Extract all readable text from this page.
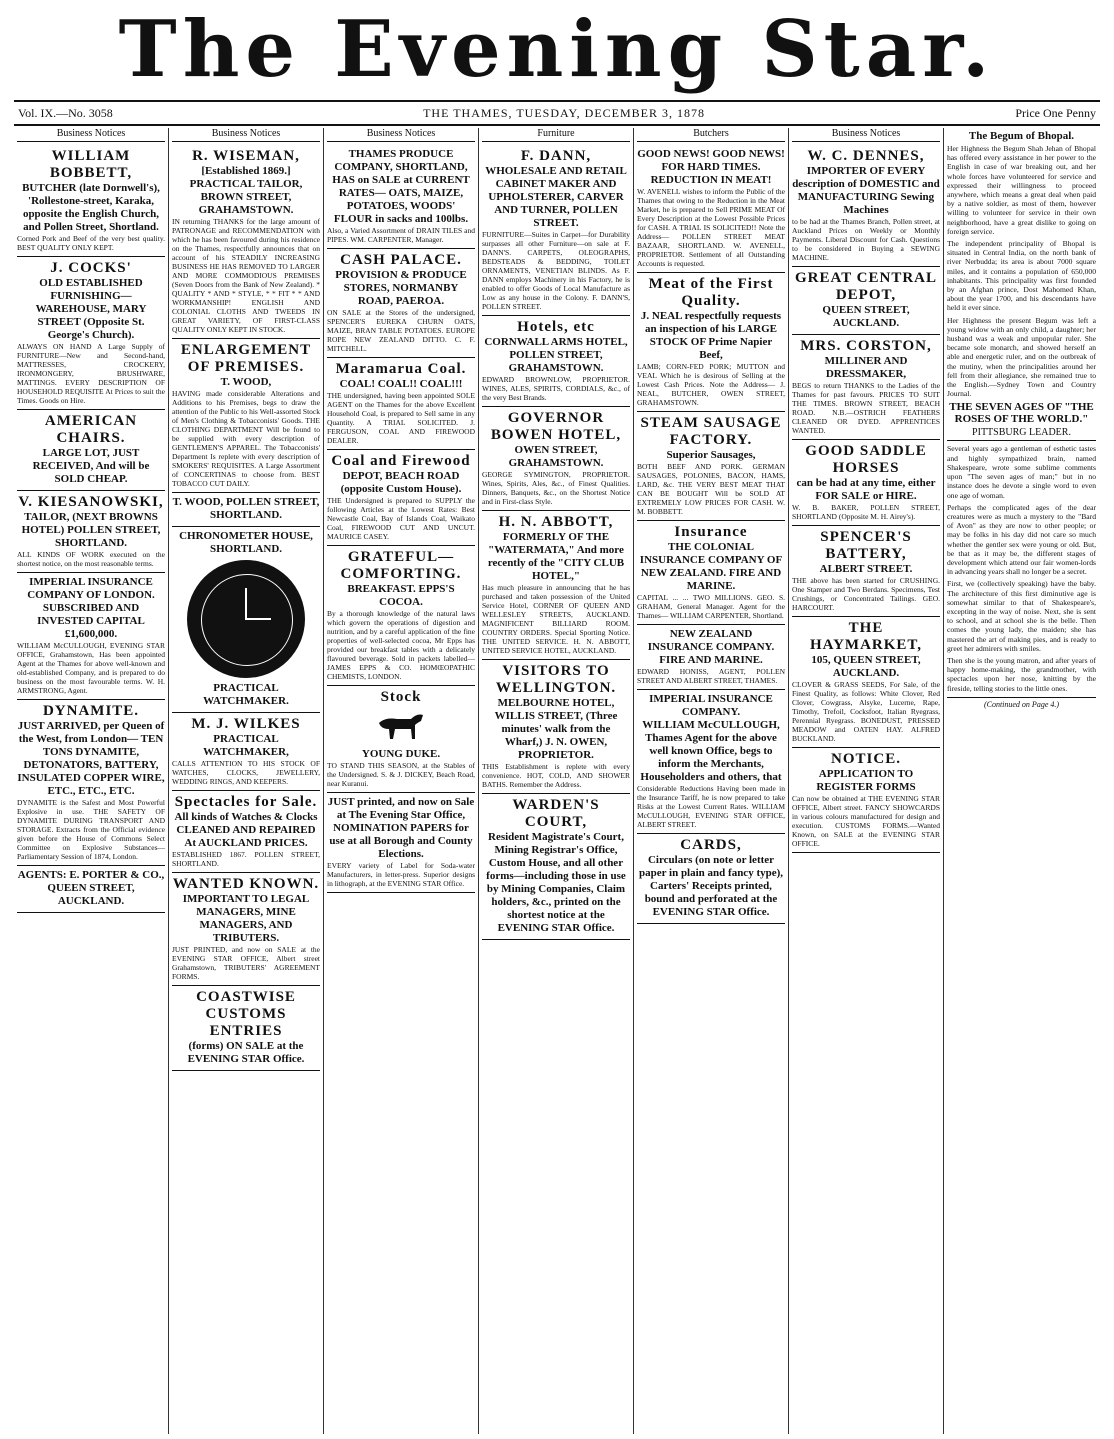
The Evening Star.
Vol. IX.—No. 3058	THE THAMES, TUESDAY, DECEMBER 3, 1878	Price One Penny
Business Notices
WILLIAM BOBBETT,
BUTCHER (late Dornwell's), 'Rollestone-street, Karaka, opposite the English Church, and Pollen Street, Shortland.
Corned Pork and Beef of the very best quality. BEST QUALITY ONLY KEPT.
J. COCKS'
OLD ESTABLISHED FURNISHING—WAREHOUSE, MARY STREET (Opposite St. George's Church).
ALWAYS ON HAND A Large Supply of FURNITURE—New and Second-hand, MATTRESSES, CROCKERY, IRONMONGERY, BRUSHWARE, MATTINGS. EVERY DESCRIPTION OF HOUSEHOLD REQUISITE At Prices to suit the Times. Goods on Hire.
AMERICAN CHAIRS.
LARGE LOT, JUST RECEIVED, And will be SOLD CHEAP.
V. KIESANOWSKI,
TAILOR, (NEXT BROWNS HOTEL) POLLEN STREET, SHORTLAND.
ALL KINDS OF WORK executed on the shortest notice, on the most reasonable terms.
IMPERIAL INSURANCE COMPANY OF LONDON.
SUBSCRIBED AND INVESTED CAPITAL £1,600,000.
WILLIAM McCULLOUGH, EVENING STAR OFFICE, Grahamstown, Has been appointed Agent at the Thames for above well-known and old-established Company, and is prepared to do business on the most favourable terms. W. H. ARMSTRONG, Agent.
DYNAMITE.
JUST ARRIVED, per Queen of the West, from London— TEN TONS DYNAMITE, DETONATORS, BATTERY, INSULATED COPPER WIRE, ETC., ETC., ETC.
DYNAMITE is the Safest and Most Powerful Explosive in use. THE SAFETY OF DYNAMITE DURING TRANSPORT AND STORAGE. Extracts from the Official evidence given before the House of Commons Select Committee on Explosive Substances—Parliamentary Session of 1874, London.
AGENTS: E. PORTER & CO., QUEEN STREET, AUCKLAND.
Business Notices
R. WISEMAN,
[Established 1869.] PRACTICAL TAILOR, BROWN STREET, GRAHAMSTOWN.
IN returning THANKS for the large amount of PATRONAGE and RECOMMENDATION with which he has been favoured during his residence on the Thames, respectfully announces that on account of his STEADILY INCREASING BUSINESS HE HAS REMOVED TO LARGER AND MORE COMMODIOUS PREMISES (Seven Doors from the Bank of New Zealand). * QUALITY * AND * STYLE, * * FIT * * AND WORKMANSHIP! ENGLISH AND COLONIAL CLOTHS AND TWEEDS IN GREAT VARIETY, OF FIRST-CLASS QUALITY ONLY KEPT IN STOCK.
ENLARGEMENT OF PREMISES.
T. WOOD,
HAVING made considerable Alterations and Additions to his Premises, begs to draw the attention of the Public to his Well-assorted Stock of Men's Clothing & Tobacconists' Goods. THE CLOTHING DEPARTMENT Will be found to be supplied with every description of GENTLEMEN'S APPAREL. The Tobacconists' Department Is replete with every description of SMOKERS' REQUISITES. A Large Assortment of CONCERTINAS to choose from. BEST TOBACCO CUT DAILY.
T. WOOD, POLLEN STREET, SHORTLAND.
CHRONOMETER HOUSE, SHORTLAND.
PRACTICAL WATCHMAKER.
M. J. WILKES
PRACTICAL WATCHMAKER,
CALLS ATTENTION TO HIS STOCK OF WATCHES, CLOCKS, JEWELLERY, WEDDING RINGS, AND KEEPERS.
Spectacles for Sale.
All kinds of Watches & Clocks CLEANED AND REPAIRED At AUCKLAND PRICES.
ESTABLISHED 1867. POLLEN STREET, SHORTLAND.
WANTED KNOWN.
IMPORTANT TO LEGAL MANAGERS, MINE MANAGERS, AND TRIBUTERS.
JUST PRINTED, and now on SALE at the EVENING STAR OFFICE, Albert street Grahamstown, TRIBUTERS' AGREEMENT FORMS.
COASTWISE CUSTOMS ENTRIES
(forms) ON SALE at the EVENING STAR Office.
Business Notices
THAMES PRODUCE COMPANY, SHORTLAND,
HAS on SALE at CURRENT RATES— OATS, MAIZE, POTATOES, WOODS' FLOUR in sacks and 100lbs.
Also, a Varied Assortment of DRAIN TILES and PIPES. WM. CARPENTER, Manager.
CASH PALACE.
PROVISION & PRODUCE STORES, NORMANBY ROAD, PAEROA.
ON SALE at the Stores of the undersigned, SPENCER'S EUREKA CHURN OATS, MAIZE, BRAN TABLE POTATOES. EUROPE ROPE NEW ZEALAND DITTO. C. F. MITCHELL.
Maramarua Coal.
COAL! COAL!! COAL!!!
THE undersigned, having been appointed SOLE AGENT on the Thames for the above Excellent Household Coal, is prepared to Sell same in any Quantity. A TRIAL SOLICITED. J. FERGUSON, COAL AND FIREWOOD DEALER.
Coal and Firewood
DEPOT, BEACH ROAD (opposite Custom House).
THE Undersigned is prepared to SUPPLY the following Articles at the Lowest Rates: Best Newcastle Coal, Bay of Islands Coal, Waikato Coal, FIREWOOD CUT AND UNCUT. MAURICE CASEY.
GRATEFUL—COMFORTING.
BREAKFAST. EPPS'S COCOA.
By a thorough knowledge of the natural laws which govern the operations of digestion and nutrition, and by a careful application of the fine properties of well-selected cocoa, Mr Epps has provided our breakfast tables with a delicately flavoured beverage. Sold in packets labelled— JAMES EPPS & CO. HOMŒOPATHIC CHEMISTS, LONDON.
Stock
YOUNG DUKE.
TO STAND THIS SEASON, at the Stables of the Undersigned. S. & J. DICKEY, Beach Road, near Kuranui.
JUST printed, and now on Sale at The Evening Star Office, NOMINATION PAPERS for use at all Borough and County Elections.
EVERY variety of Label for Soda-water Manufacturers, in letter-press. Superior designs in lithograph, at the EVENING STAR Office.
Furniture
F. DANN,
WHOLESALE AND RETAIL CABINET MAKER AND UPHOLSTERER, CARVER AND TURNER, POLLEN STREET.
FURNITURE—Suites in Carpet—for Durability surpasses all other Furniture—on sale at F. DANN'S. CARPETS, OLEOGRAPHS, BEDSTEADS & BEDDING, TOILET ORNAMENTS, VENETIAN BLINDS. As F. DANN employs Machinery in his Factory, he is enabled to offer Goods of Local Manufacture as Low as any house in the Colony. F. DANN'S, POLLEN STREET.
Hotels, etc
CORNWALL ARMS HOTEL, POLLEN STREET, GRAHAMSTOWN.
EDWARD BROWNLOW, PROPRIETOR. WINES, ALES, SPIRITS, CORDIALS, &c., of the very Best Brands.
GOVERNOR BOWEN HOTEL,
OWEN STREET, GRAHAMSTOWN.
GEORGE SYMINGTON, PROPRIETOR. Wines, Spirits, Ales, &c., of Finest Qualities. Dinners, Banquets, &c., on the Shortest Notice and in First-class Style.
H. N. ABBOTT,
FORMERLY OF THE "WATERMATA," And more recently of the "CITY CLUB HOTEL,"
Has much pleasure in announcing that he has purchased and taken possession of the United Service Hotel, CORNER OF QUEEN AND WELLESLEY STREETS, AUCKLAND. MAGNIFICENT BILLIARD ROOM. COUNTRY ORDERS. Special Sporting Notice. THE UNITED SERVICE. H. N. ABBOTT, UNITED SERVICE HOTEL, AUCKLAND.
VISITORS TO WELLINGTON.
MELBOURNE HOTEL, WILLIS STREET, (Three minutes' walk from the Wharf,) J. N. OWEN, PROPRIETOR.
THIS Establishment is replete with every convenience. HOT, COLD, AND SHOWER BATHS. Remember the Address.
WARDEN'S COURT,
Resident Magistrate's Court, Mining Registrar's Office, Custom House, and all other forms—including those in use by Mining Companies, Claim holders, &c., printed on the shortest notice at the EVENING STAR Office.
Butchers
GOOD NEWS! GOOD NEWS! FOR HARD TIMES.
REDUCTION IN MEAT!
W. AVENELL wishes to inform the Public of the Thames that owing to the Reduction in the Meat Market, he is prepared to Sell PRIME MEAT Of Every Description at the Lowest Possible Prices for CASH. A TRIAL IS SOLICITED!! Note the Address— POLLEN STREET MEAT BAZAAR, SHORTLAND. W. AVENELL, PROPRIETOR. Settlement of all Outstanding Accounts is requested.
Meat of the First Quality.
J. NEAL respectfully requests an inspection of his LARGE STOCK OF Prime Napier Beef,
LAMB; CORN-FED PORK; MUTTON and VEAL Which he is desirous of Selling at the Lowest Cash Prices. Note the Address— J. NEAL, BUTCHER, OWEN STREET, GRAHAMSTOWN.
STEAM SAUSAGE FACTORY.
Superior Sausages,
BOTH BEEF AND PORK. GERMAN SAUSAGES, POLONIES, BACON, HAMS, LARD, &c. THE VERY BEST MEAT THAT CAN BE BOUGHT Will be SOLD AT EXTREMELY LOW PRICES FOR CASH. W. M. BOBBETT.
Insurance
THE COLONIAL INSURANCE COMPANY OF NEW ZEALAND. FIRE AND MARINE.
CAPITAL ... ... TWO MILLIONS. GEO. S. GRAHAM, General Manager. Agent for the Thames— WILLIAM CARPENTER, Shortland.
NEW ZEALAND INSURANCE COMPANY.
FIRE AND MARINE.
EDWARD HONISS, AGENT, POLLEN STREET AND ALBERT STREET, THAMES.
IMPERIAL INSURANCE COMPANY.
WILLIAM McCULLOUGH, Thames Agent for the above well known Office, begs to inform the Merchants, Householders and others, that
Considerable Reductions Having been made in the Insurance Tariff, he is now prepared to take Risks at the Lowest Current Rates. WILLIAM McCULLOUGH, EVENING STAR OFFICE, ALBERT STREET.
CARDS,
Circulars (on note or letter paper in plain and fancy type), Carters' Receipts printed, bound and perforated at the EVENING STAR Office.
Business Notices
W. C. DENNES,
IMPORTER OF EVERY description of DOMESTIC and MANUFACTURING Sewing Machines
to be had at the Thames Branch, Pollen street, at Auckland Prices on Weekly or Monthly Payments. Liberal Discount for Cash. Questions to be considered in Buying a SEWING MACHINE.
GREAT CENTRAL DEPOT,
QUEEN STREET, AUCKLAND.
MRS. CORSTON,
MILLINER AND DRESSMAKER,
BEGS to return THANKS to the Ladies of the Thames for past favours. PRICES TO SUIT THE TIMES. BROWN STREET, BEACH ROAD. N.B.—OSTRICH FEATHERS CLEANED OR DYED. APPRENTICES WANTED.
GOOD SADDLE HORSES
can be had at any time, either FOR SALE or HIRE.
W. B. BAKER, POLLEN STREET, SHORTLAND (Opposite M. H. Airey's).
SPENCER'S BATTERY,
ALBERT STREET.
THE above has been started for CRUSHING. One Stamper and Two Berdans. Specimens, Test Crushings, or Concentrated Tailings. GEO. HARCOURT.
THE HAYMARKET,
105, QUEEN STREET, AUCKLAND.
CLOVER & GRASS SEEDS, For Sale, of the Finest Quality, as follows: White Clover, Red Clover, Cowgrass, Alsyke, Lucerne, Rape, Timothy, Trefoil, Cocksfoot, Italian Ryegrass, Perennial Ryegrass. BONEDUST, PRESSED MEADOW and OATEN HAY. ALFRED BUCKLAND.
NOTICE.
APPLICATION TO REGISTER FORMS
Can now be obtained at THE EVENING STAR OFFICE, Albert street. FANCY SHOWCARDS in various colours manufactured for design and execution. CUSTOMS FORMS.—Wanted Known, on SALE at the EVENING STAR OFFICE.
The Begum of Bhopal.

Her Highness the Begum Shah Jehan of Bhopal has offered every assistance in her power to the English in case of war breaking out, and her whole forces have volunteered for service and expressed their willingness to proceed anywhere, which means a great deal when paid by a native soldier, as most of them, however willing to volunteer for service in their own neighborhood, have a great dislike to going on foreign service.

The independent principality of Bhopal is situated in Central India, on the north bank of river Nerbudda; its area is about 7000 square miles, and it contains a population of 650,000 inhabitants. This principality was first founded by an Afghan prince, Dost Mahomed Khan, about the year 1700, and his descendants have held it ever since.

Her Highness the present Begum was left a young widow with an only child, a daughter; her husband was a weak and unpopular ruler. She became sole monarch, and showed herself an able and energetic ruler, and on the outbreak of the mutiny, when the principalities around her fell from their allegiance, she remained true to the English.—Sydney Town and Country Journal.

THE SEVEN AGES OF "THE ROSES OF THE WORLD."
PITTSBURG LEADER.

Several years ago a gentleman of esthetic tastes and highly sympathized brain, named Shakespeare, wrote some sublime comments upon "The seven ages of man;" but in no instance does he devote a single word to even one age of woman.

Perhaps the complicated ages of the dear creatures were as much a mystery to the "Bard of Avon" as they are now to other people; or may be folks in his day did not care so much whether the gentler sex were young or old. But, be that as it may be, the different stages of development which attend our fair women-lords in advancing years shall no longer be a secret.

First, we (collectively speaking) have the baby. The architecture of this first diminutive age is somewhat similar to that of Shakespeare's, excepting in the way of noise. Next, she is sent to school, and at school she is the belle. Then comes the young lady, the maiden; she has mastered the art of making pies, and is ready to greet her admirers with smiles.

Then she is the young matron, and after years of happy home-making, the grandmother, with spectacles upon her nose, knitting by the fireside, telling stories to the little ones.

(Continued on Page 4.)
